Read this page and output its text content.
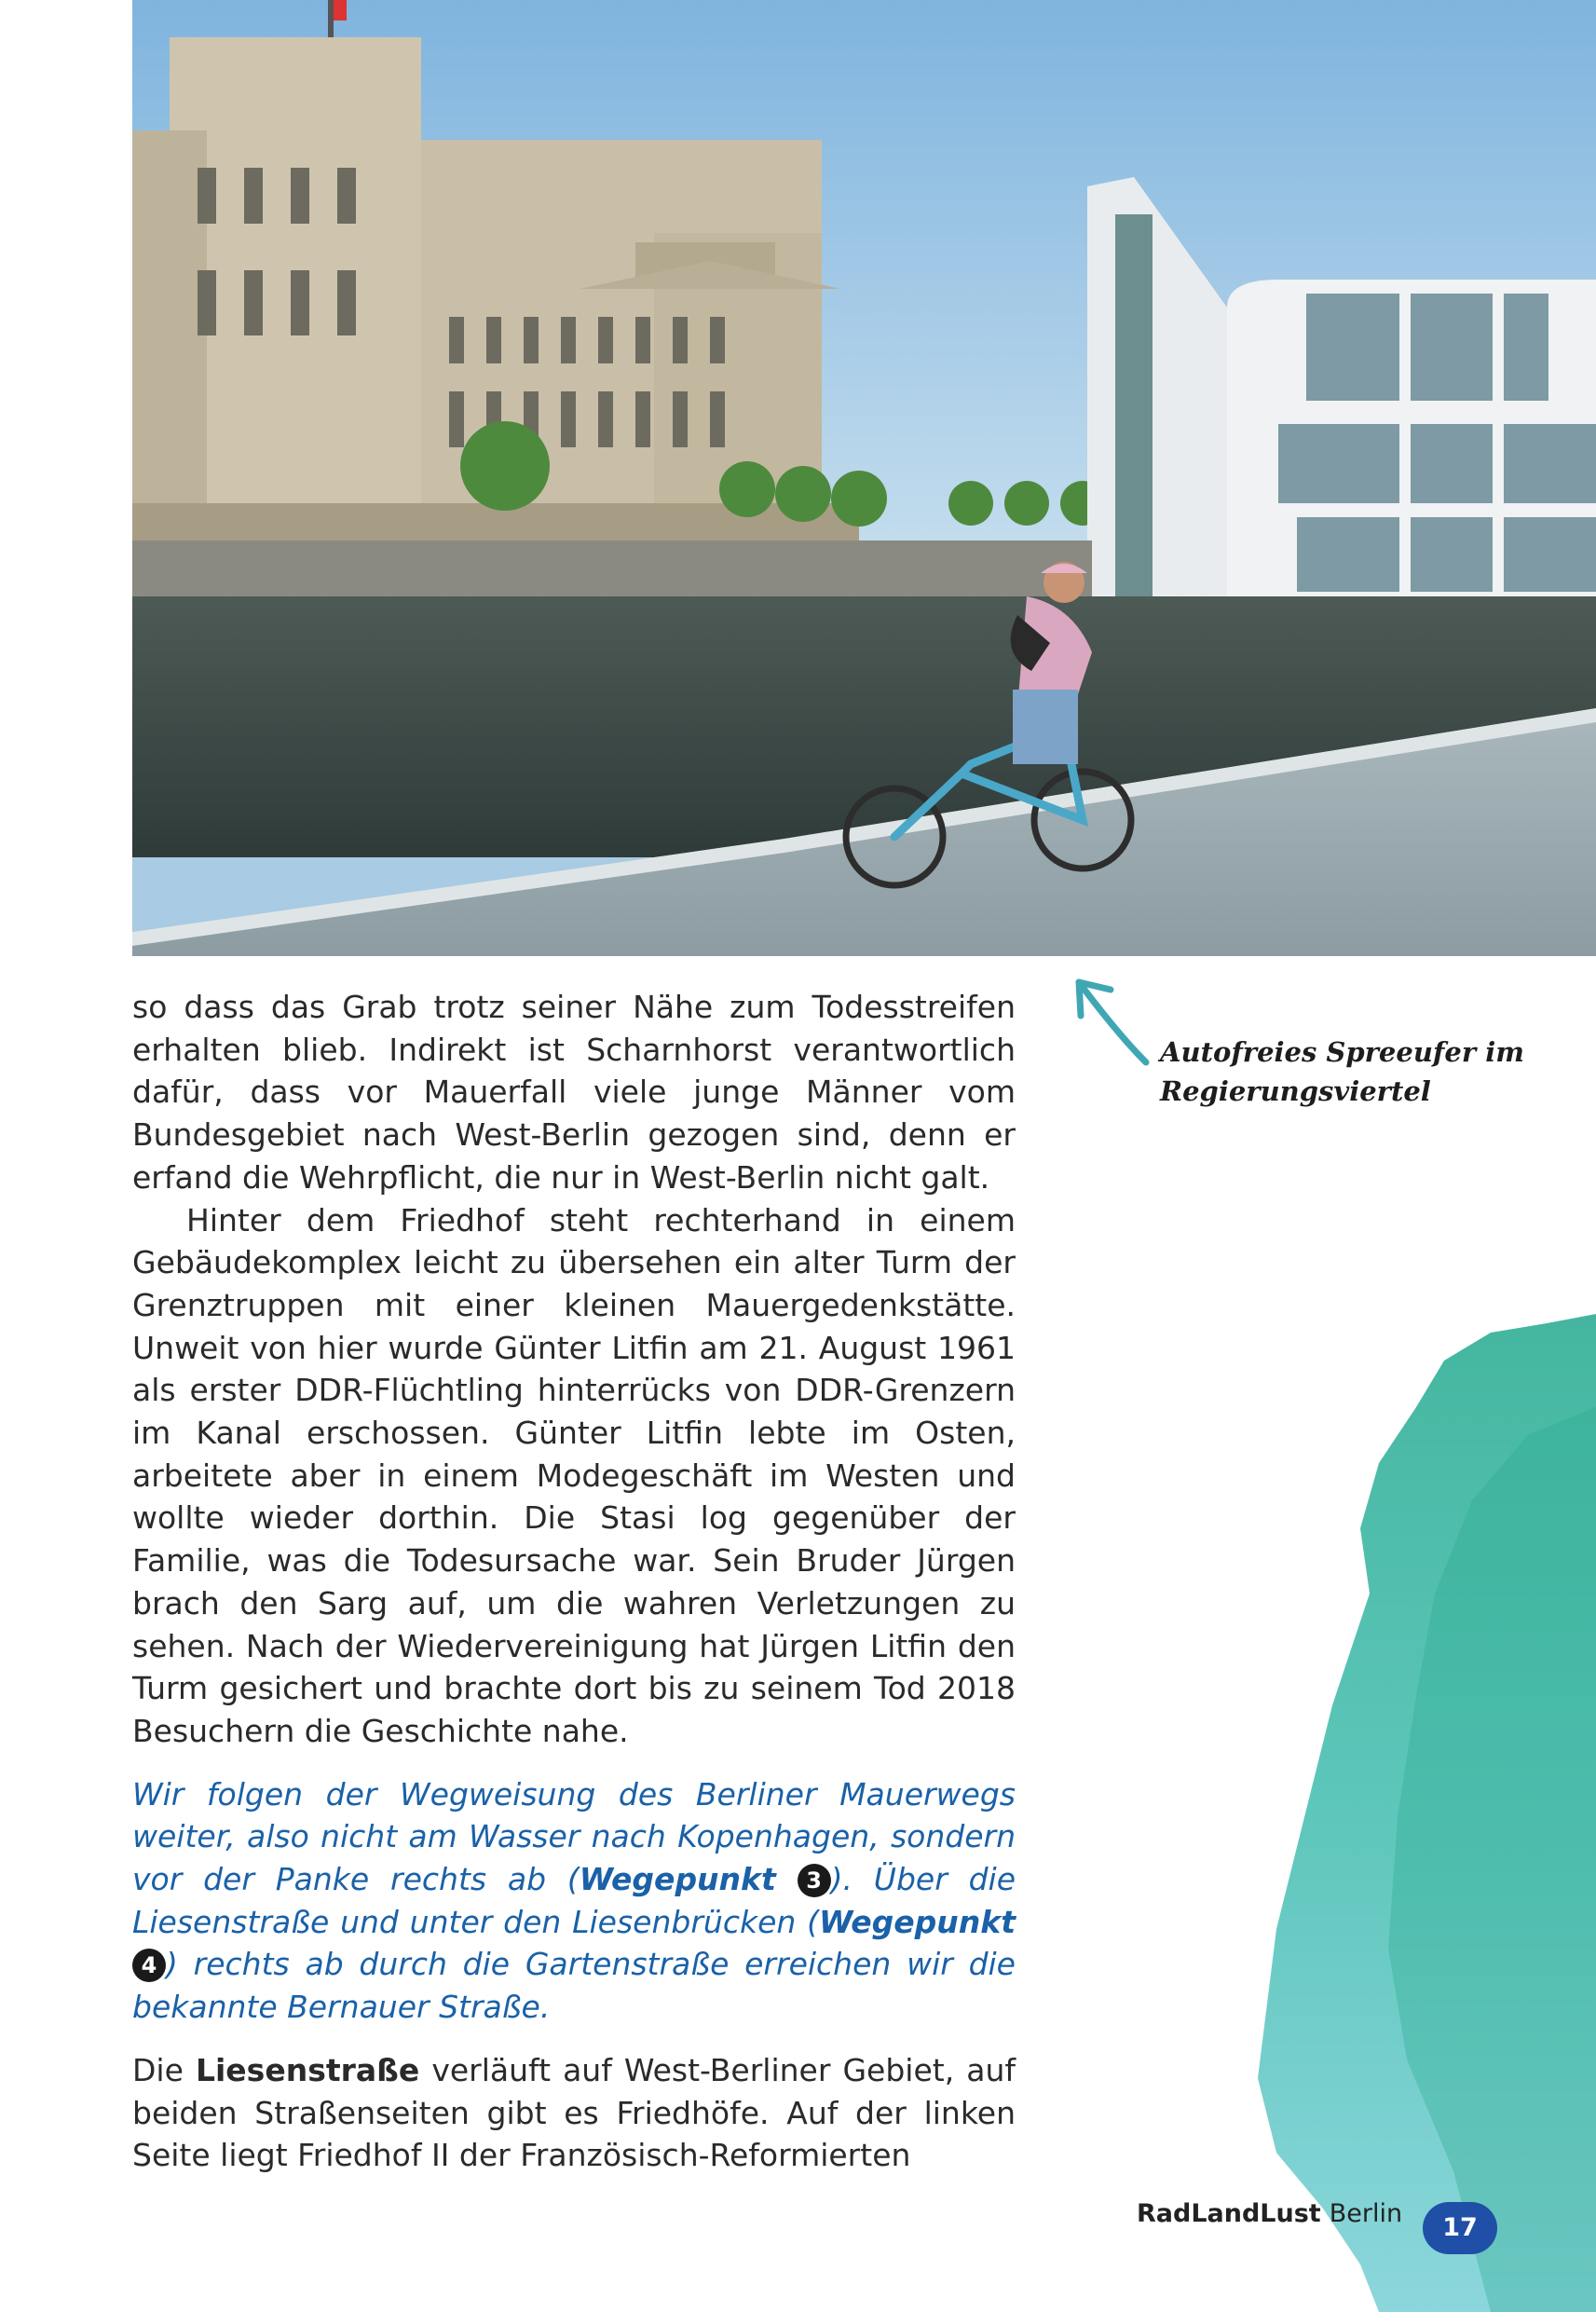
so dass das Grab trotz seiner Nähe zum Todesstreifen erhalten blieb. Indirekt ist Scharnhorst verantwortlich dafür, dass vor Mauerfall viele junge Männer vom Bundesgebiet nach West-Berlin gezogen sind, denn er erfand die Wehrpflicht, die nur in West-Berlin nicht galt.

Hinter dem Friedhof steht rechterhand in einem Gebäudekomplex leicht zu übersehen ein alter Turm der Grenztruppen mit einer kleinen Mauergedenkstätte. Unweit von hier wurde Günter Litfin am 21. August 1961 als erster DDR-Flüchtling hinterrücks von DDR-Grenzern im Kanal erschossen. Günter Litfin lebte im Osten, arbeitete aber in einem Modegeschäft im Westen und wollte wieder dorthin. Die Stasi log gegenüber der Familie, was die Todesursache war. Sein Bruder Jürgen brach den Sarg auf, um die wahren Verletzungen zu sehen. Nach der Wiedervereinigung hat Jürgen Litfin den Turm gesichert und brachte dort bis zu seinem Tod 2018 Besuchern die Geschichte nahe.

Wir folgen der Wegweisung des Berliner Mauerwegs weiter, also nicht am Wasser nach Kopenhagen, sondern vor der Panke rechts ab (Wegepunkt 3 ). Über die Liesenstraße und unter den Liesenbrücken (Wegepunkt 4 ) rechts ab durch die Gartenstraße erreichen wir die bekannte Bernauer Straße.

Die Liesenstraße verläuft auf West-Berliner Gebiet, auf beiden Straßenseiten gibt es Friedhöfe. Auf der linken Seite liegt Friedhof II der Französisch-Reformierten

Autofreies Spreeufer im
Regierungsviertel
RadLandLust Berlin	17
